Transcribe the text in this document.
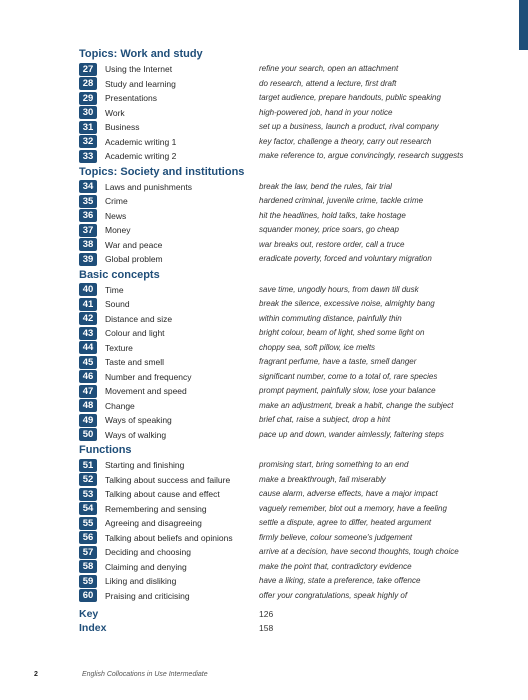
Topics: Work and study
27	Using the Internet	refine your search, open an attachment
28	Study and learning	do research, attend a lecture, first draft
29	Presentations	target audience, prepare handouts, public speaking
30	Work	high-powered job, hand in your notice
31	Business	set up a business, launch a product, rival company
32	Academic writing 1	key factor, challenge a theory, carry out research
33	Academic writing 2	make reference to, argue convincingly, research suggests
Topics: Society and institutions
34	Laws and punishments	break the law, bend the rules, fair trial
35	Crime	hardened criminal, juvenile crime, tackle crime
36	News	hit the headlines, hold talks, take hostage
37	Money	squander money, price soars, go cheap
38	War and peace	war breaks out, restore order, call a truce
39	Global problem	eradicate poverty, forced and voluntary migration
Basic concepts
40	Time	save time, ungodly hours, from dawn till dusk
41	Sound	break the silence, excessive noise, almighty bang
42	Distance and size	within commuting distance, painfully thin
43	Colour and light	bright colour, beam of light, shed some light on
44	Texture	choppy sea, soft pillow, ice melts
45	Taste and smell	fragrant perfume, have a taste, smell danger
46	Number and frequency	significant number, come to a total of, rare species
47	Movement and speed	prompt payment, painfully slow, lose your balance
48	Change	make an adjustment, break a habit, change the subject
49	Ways of speaking	brief chat, raise a subject, drop a hint
50	Ways of walking	pace up and down, wander aimlessly, faltering steps
Functions
51	Starting and finishing	promising start, bring something to an end
52	Talking about success and failure	make a breakthrough, fail miserably
53	Talking about cause and effect	cause alarm, adverse effects, have a major impact
54	Remembering and sensing	vaguely remember, blot out a memory, have a feeling
55	Agreeing and disagreeing	settle a dispute, agree to differ, heated argument
56	Talking about beliefs and opinions	firmly believe, colour someone's judgement
57	Deciding and choosing	arrive at a decision, have second thoughts, tough choice
58	Claiming and denying	make the point that, contradictory evidence
59	Liking and disliking	have a liking, state a preference, take offence
60	Praising and criticising	offer your congratulations, speak highly of
Key	126
Index	158
2	English Collocations in Use Intermediate
